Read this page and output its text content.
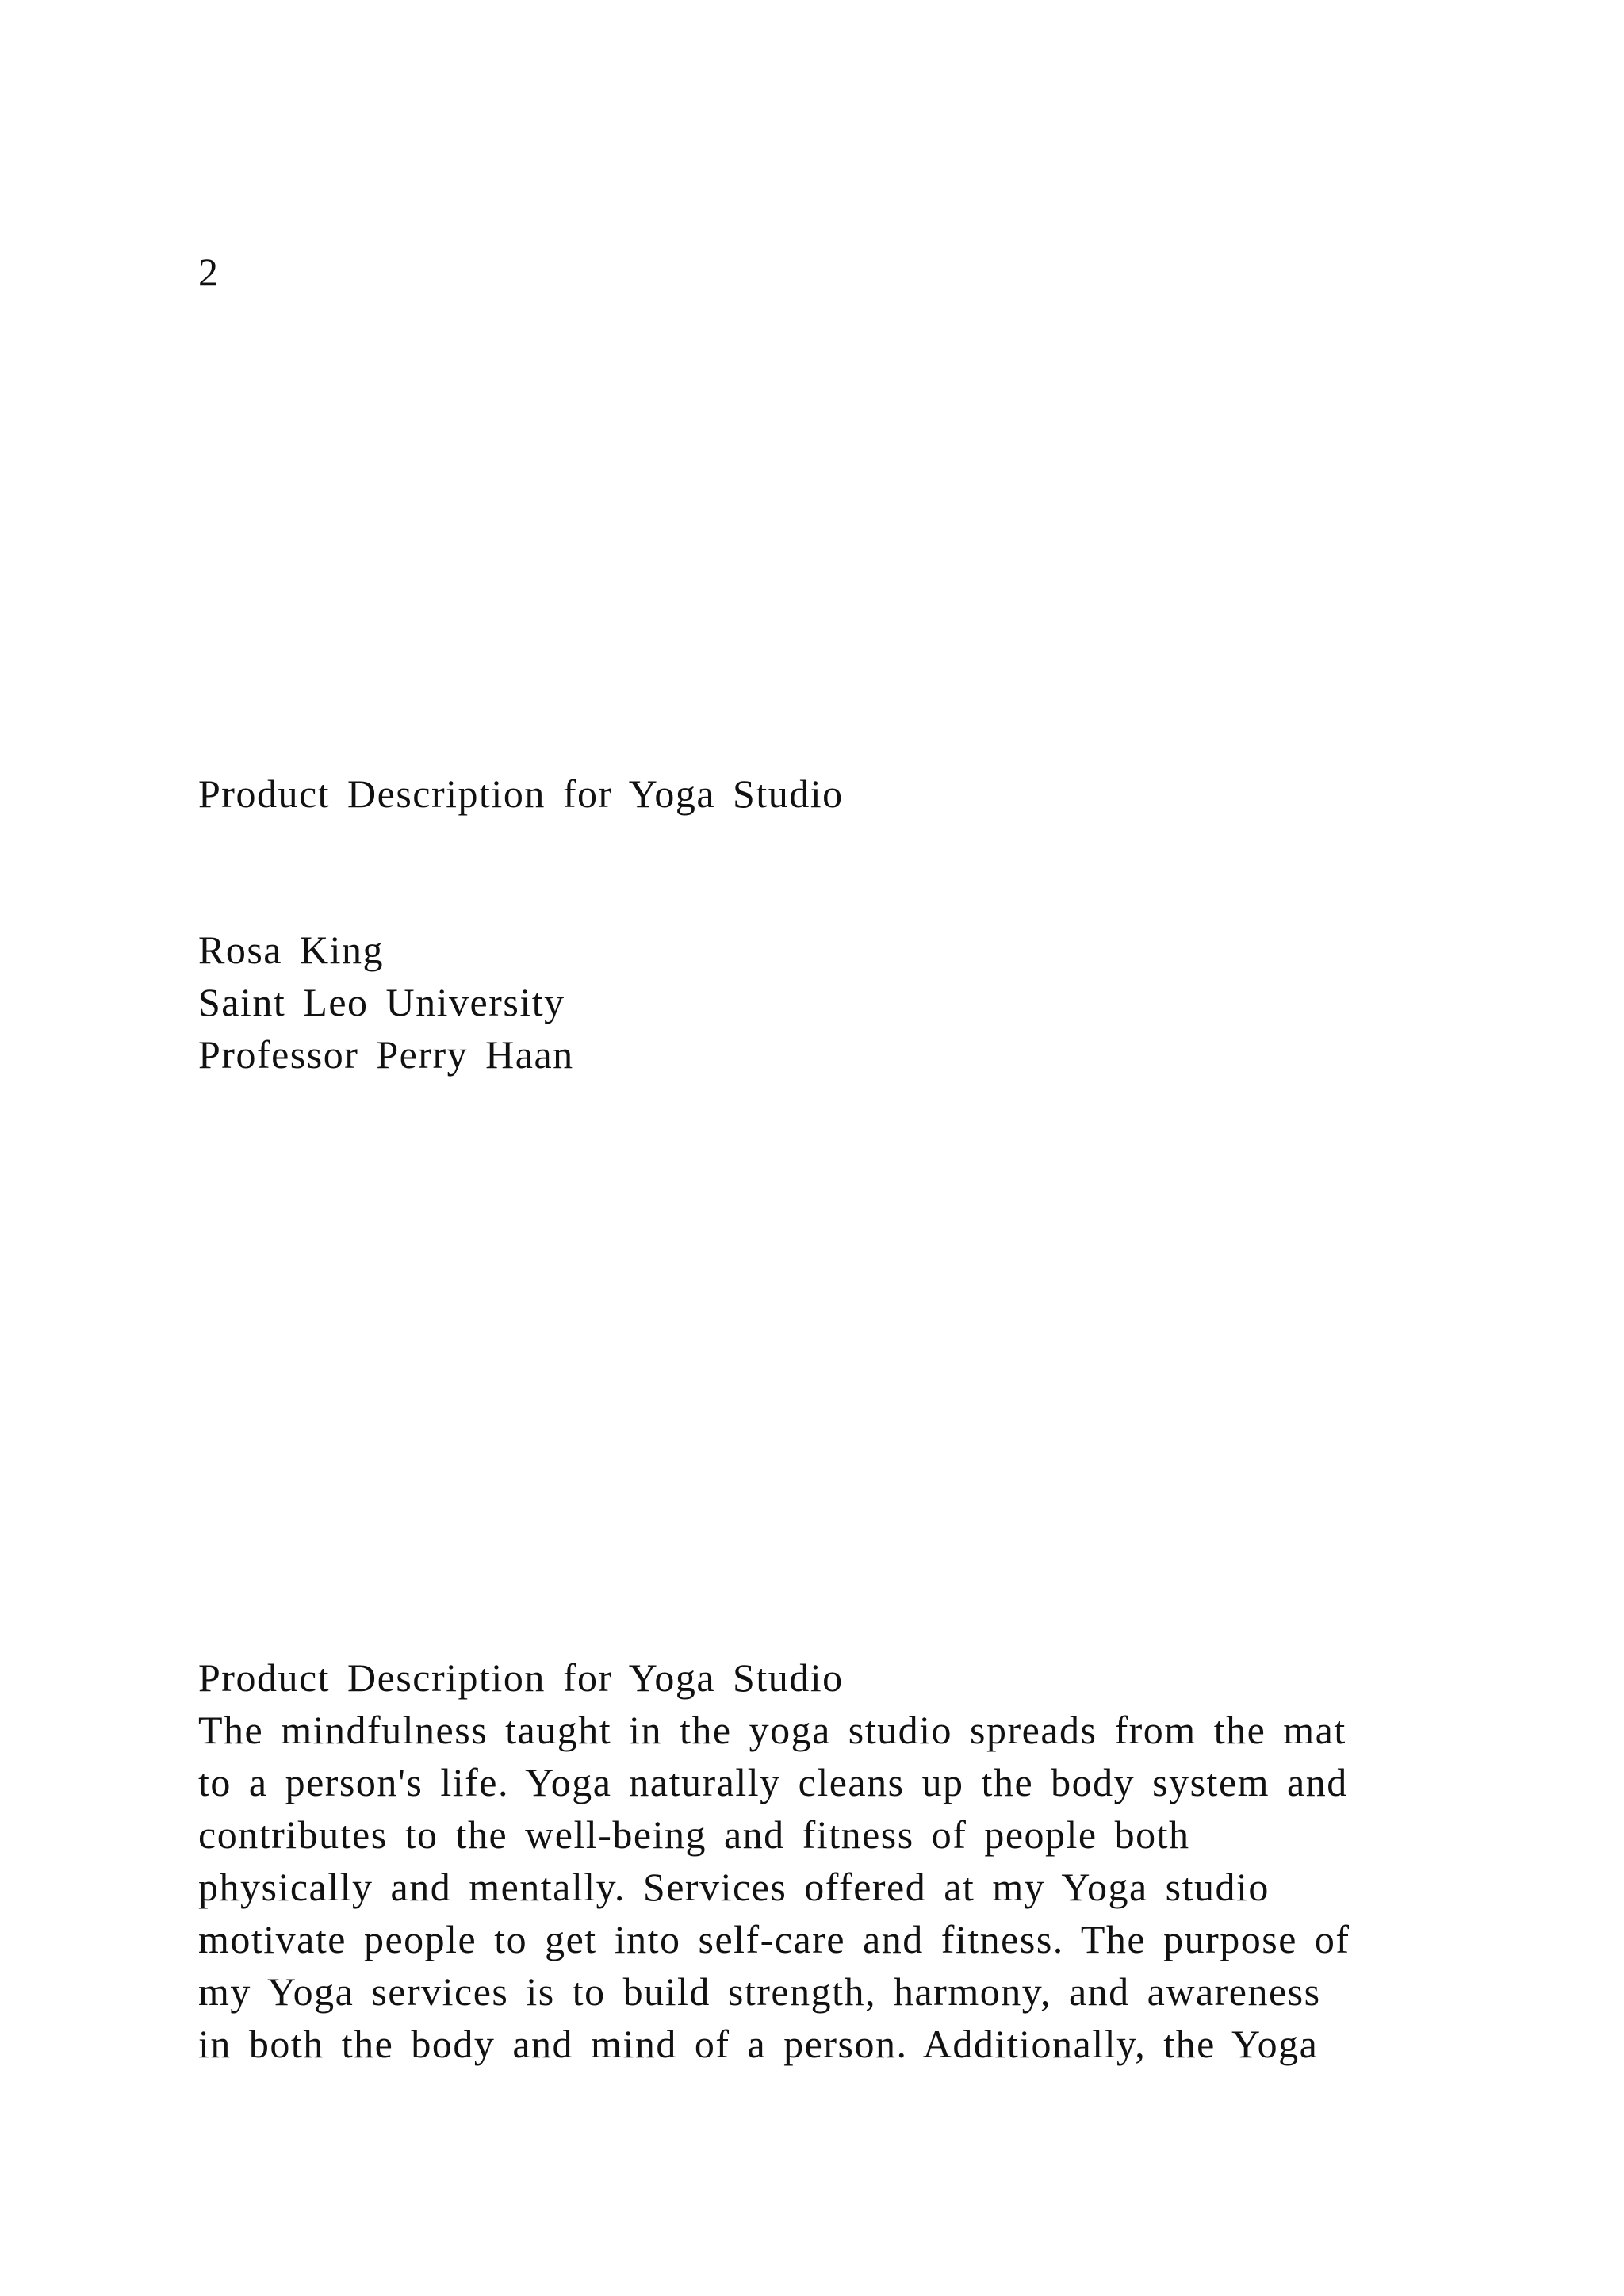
2
Product Description for Yoga Studio
Rosa King
Saint Leo University
Professor Perry Haan
Product Description for Yoga Studio
The mindfulness taught in the yoga studio spreads from the mat
to a person's life. Yoga naturally cleans up the body system and
contributes to the well-being and fitness of people both
physically and mentally. Services offered at my Yoga studio
motivate people to get into self-care and fitness. The purpose of
my Yoga services is to build strength, harmony, and awareness
in both the body and mind of a person. Additionally, the Yoga
